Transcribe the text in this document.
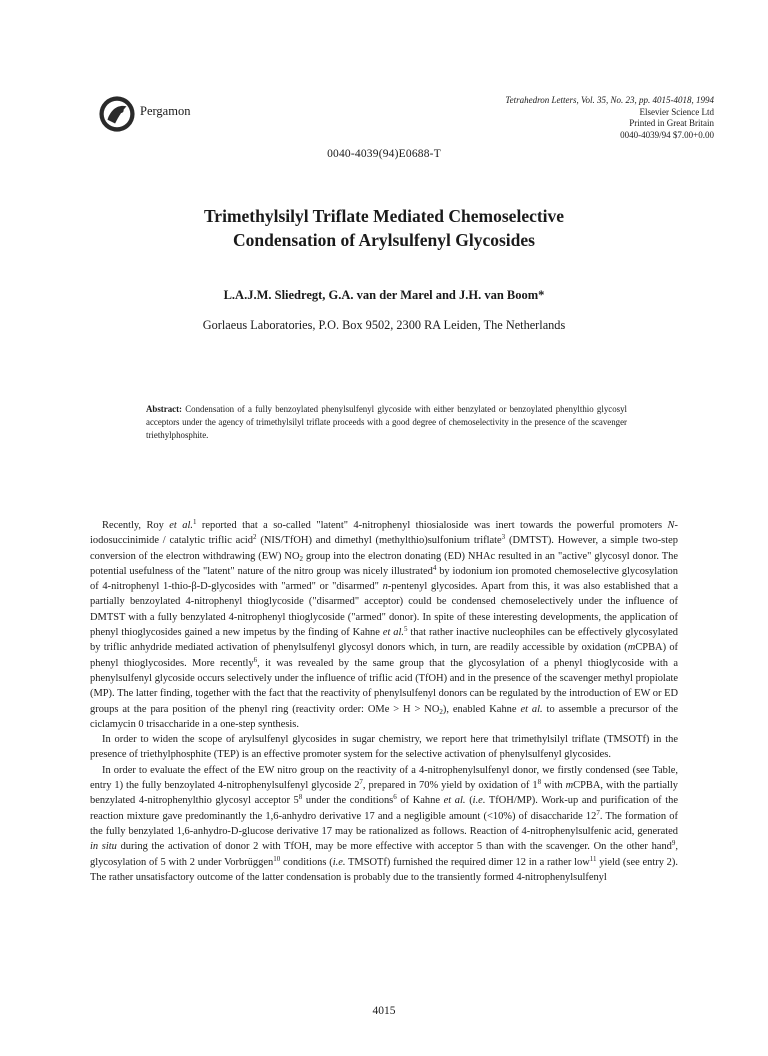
Pergamon
Tetrahedron Letters, Vol. 35, No. 23, pp. 4015-4018, 1994
Elsevier Science Ltd
Printed in Great Britain
0040-4039/94 $7.00+0.00
0040-4039(94)E0688-T
Trimethylsilyl Triflate Mediated Chemoselective
Condensation of Arylsulfenyl Glycosides
L.A.J.M. Sliedregt, G.A. van der Marel and J.H. van Boom*
Gorlaeus Laboratories, P.O. Box 9502, 2300 RA Leiden, The Netherlands
Abstract: Condensation of a fully benzoylated phenylsulfenyl glycoside with either benzylated or benzoylated phenylthio glycosyl acceptors under the agency of trimethylsilyl triflate proceeds with a good degree of chemoselectivity in the presence of the scavenger triethylphosphite.

Recently, Roy et al.$^1$ reported that a so-called "latent" 4-nitrophenyl thiosialoside was inert towards the powerful promoters N-iodosuccinimide / catalytic triflic acid$^2$ (NIS/TfOH) and dimethyl (methylthio)sulfonium triflate$^3$ (DMTST). However, a simple two-step conversion of the electron withdrawing (EW) $NO_2$ group into the electron donating (ED) NHAc resulted in an "active" glycosyl donor. The potential usefulness of the "latent" nature of the nitro group was nicely illustrated$^4$ by iodonium ion promoted chemoselective glycosylation of 4-nitrophenyl 1-thio-β-D-glycosides with "armed" or "disarmed" n-pentenyl glycosides. Apart from this, it was also established that a partially benzoylated 4-nitrophenyl thioglycoside ("disarmed" acceptor) could be condensed chemoselectively under the influence of DMTST with a fully benzylated 4-nitrophenyl thioglycoside ("armed" donor). In spite of these interesting developments, the application of phenyl thioglycosides gained a new impetus by the finding of Kahne et al.$^5$ that rather inactive nucleophiles can be effectively glycosylated by triflic anhydride mediated activation of phenylsulfenyl glycosyl donors which, in turn, are readily accessible by oxidation (mCPBA) of phenyl thioglycosides. More recently$^6$, it was revealed by the same group that the glycosylation of a phenyl thioglycoside with a phenylsulfenyl glycoside occurs selectively under the influence of triflic acid (TfOH) and in the presence of the scavenger methyl propiolate (MP). The latter finding, together with the fact that the reactivity of phenylsulfenyl donors can be regulated by the introduction of EW or ED groups at the para position of the phenyl ring (reactivity order: OMe > $H > NO_2$), enabled Kahne et al. to assemble a precursor of the ciclamycin 0 trisaccharide in a one-step synthesis.

In order to widen the scope of arylsulfenyl glycosides in sugar chemistry, we report here that trimethylsilyl triflate (TMSOTf) in the presence of triethylphosphite (TEP) is an effective promoter system for the selective activation of phenylsulfenyl glycosides.

In order to evaluate the effect of the EW nitro group on the reactivity of a 4-nitrophenylsulfenyl donor, we firstly condensed (see Table, entry 1) the fully benzoylated 4-nitrophenylsulfenyl glycoside $2^7$, prepared in 70% yield by oxidation of $1^8$ with mCPBA, with the partially benzylated 4-nitrophenylthio glycosyl acceptor $5^8$ under the conditions$^6$ of Kahne et al. (i.e. TfOH/MP). Work-up and purification of the reaction mixture gave predominantly the 1,6-anhydro derivative 17 and a negligible amount (<10%) of disaccharide $12^7$. The formation of the fully benzylated 1,6-anhydro-D-glucose derivative 17 may be rationalized as follows. Reaction of 4-nitrophenylsulfenic acid, generated in situ during the activation of donor 2 with TfOH, may be more effective with acceptor 5 than with the scavenger. On the other hand$^9$, glycosylation of 5 with 2 under Vorbrüggen$^{10}$ conditions (i.e. TMSOTf) furnished the required dimer 12 in a rather low$^{11}$ yield (see entry 2). The rather unsatisfactory outcome of the latter condensation is probably due to the transiently formed 4-nitrophenylsulfenyl

4015
